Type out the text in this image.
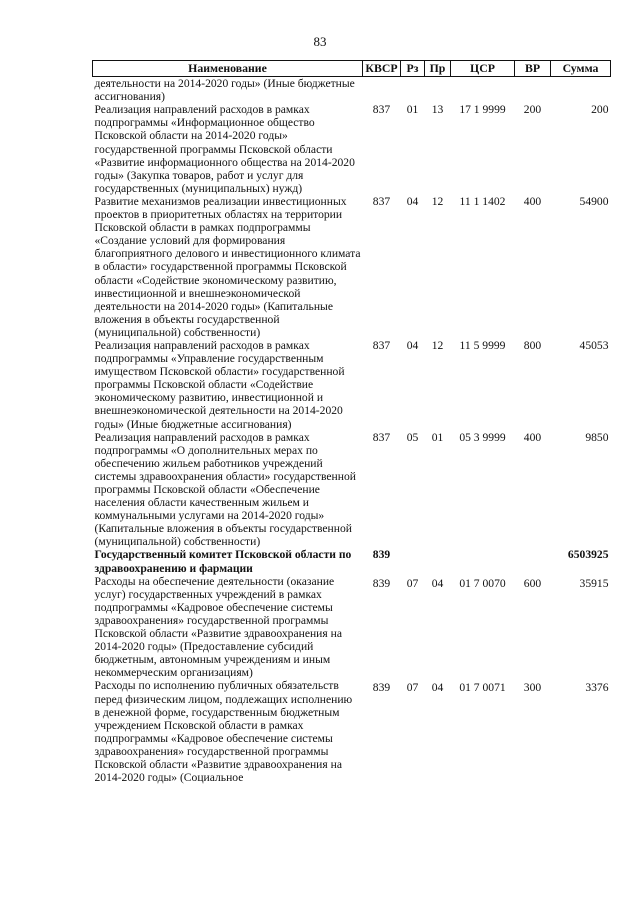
83
Наименование	КВСР	Рз	Пр	ЦСР	ВР	Сумма
деятельности на 2014-2020 годы» (Иные бюджетные ассигнования)						
Реализация направлений расходов в рамках подпрограммы «Информационное общество Псковской области на 2014-2020 годы» государственной программы Псковской области «Развитие информационного общества на 2014-2020 годы» (Закупка товаров, работ и услуг для государственных (муниципальных) нужд)	837	01	13	17 1 9999	200	200
Развитие механизмов реализации инвестиционных проектов в приоритетных областях на территории Псковской области в рамках подпрограммы «Создание условий для формирования благоприятного делового и инвестиционного климата в области» государственной программы Псковской области «Содействие экономическому развитию, инвестиционной и внешнеэкономической деятельности на 2014-2020 годы» (Капитальные вложения в объекты государственной (муниципальной) собственности)	837	04	12	11 1 1402	400	54900
Реализация направлений расходов в рамках подпрограммы «Управление государственным имуществом Псковской области» государственной программы Псковской области «Содействие экономическому развитию, инвестиционной и внешнеэкономической деятельности на 2014-2020 годы» (Иные бюджетные ассигнования)	837	04	12	11 5 9999	800	45053
Реализация направлений расходов в рамках подпрограммы «О дополнительных мерах по обеспечению жильем работников учреждений системы здравоохранения области» государственной программы Псковской области «Обеспечение населения области качественным жильем и коммунальными услугами на 2014-2020 годы» (Капитальные вложения в объекты государственной (муниципальной) собственности)	837	05	01	05 3 9999	400	9850
Государственный комитет Псковской области по здравоохранению и фармации	839					6503925
Расходы на обеспечение деятельности (оказание услуг) государственных учреждений в рамках подпрограммы «Кадровое обеспечение системы здравоохранения» государственной программы Псковской области «Развитие здравоохранения на 2014-2020 годы» (Предоставление субсидий бюджетным, автономным учреждениям и иным некоммерческим организациям)	839	07	04	01 7 0070	600	35915
Расходы по исполнению публичных обязательств перед физическим лицом, подлежащих исполнению в денежной форме, государственным бюджетным учреждением Псковской области в рамках подпрограммы «Кадровое обеспечение системы здравоохранения» государственной программы Псковской области «Развитие здравоохранения на 2014-2020 годы» (Социальное	839	07	04	01 7 0071	300	3376
